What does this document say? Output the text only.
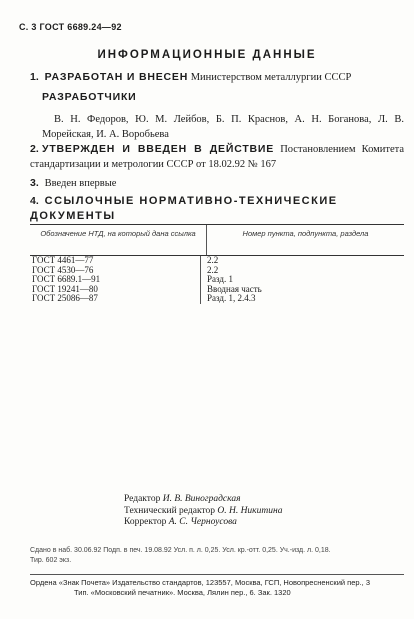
С. 3 ГОСТ 6689.24—92
ИНФОРМАЦИОННЫЕ ДАННЫЕ
1. РАЗРАБОТАН И ВНЕСЕН Министерством металлургии СССР
РАЗРАБОТЧИКИ
В. Н. Федоров, Ю. М. Лейбов, Б. П. Краснов, А. Н. Боганова, Л. В. Морейская, И. А. Воробьева
2. УТВЕРЖДЕН И ВВЕДЕН В ДЕЙСТВИЕ Постановлением Комитета стандартизации и метрологии СССР от 18.02.92 № 167
3. Введен впервые
4. ССЫЛОЧНЫЕ НОРМАТИВНО-ТЕХНИЧЕСКИЕ ДОКУМЕНТЫ
Обозначение НТД, на который дана ссылка	Номер пункта, подпункта, раздела
ГОСТ 4461—77	2.2
ГОСТ 4530—76	2.2
ГОСТ 6689.1—91	Разд. 1
ГОСТ 19241—80	Вводная часть
ГОСТ 25086—87	Разд. 1, 2.4.3
Редактор И. В. Виноградская
Технический редактор О. Н. Никитина
Корректор А. С. Черноусова
Сдано в наб. 30.06.92 Подп. в печ. 19.08.92 Усл. п. л. 0,25. Усл. кр.-отт. 0,25. Уч.-изд. л. 0,18.
Тир. 602 экз.
Ордена «Знак Почета» Издательство стандартов, 123557, Москва, ГСП, Новопресненский пер., 3
Тип. «Московский печатник». Москва, Лялин пер., 6. Зак. 1320
